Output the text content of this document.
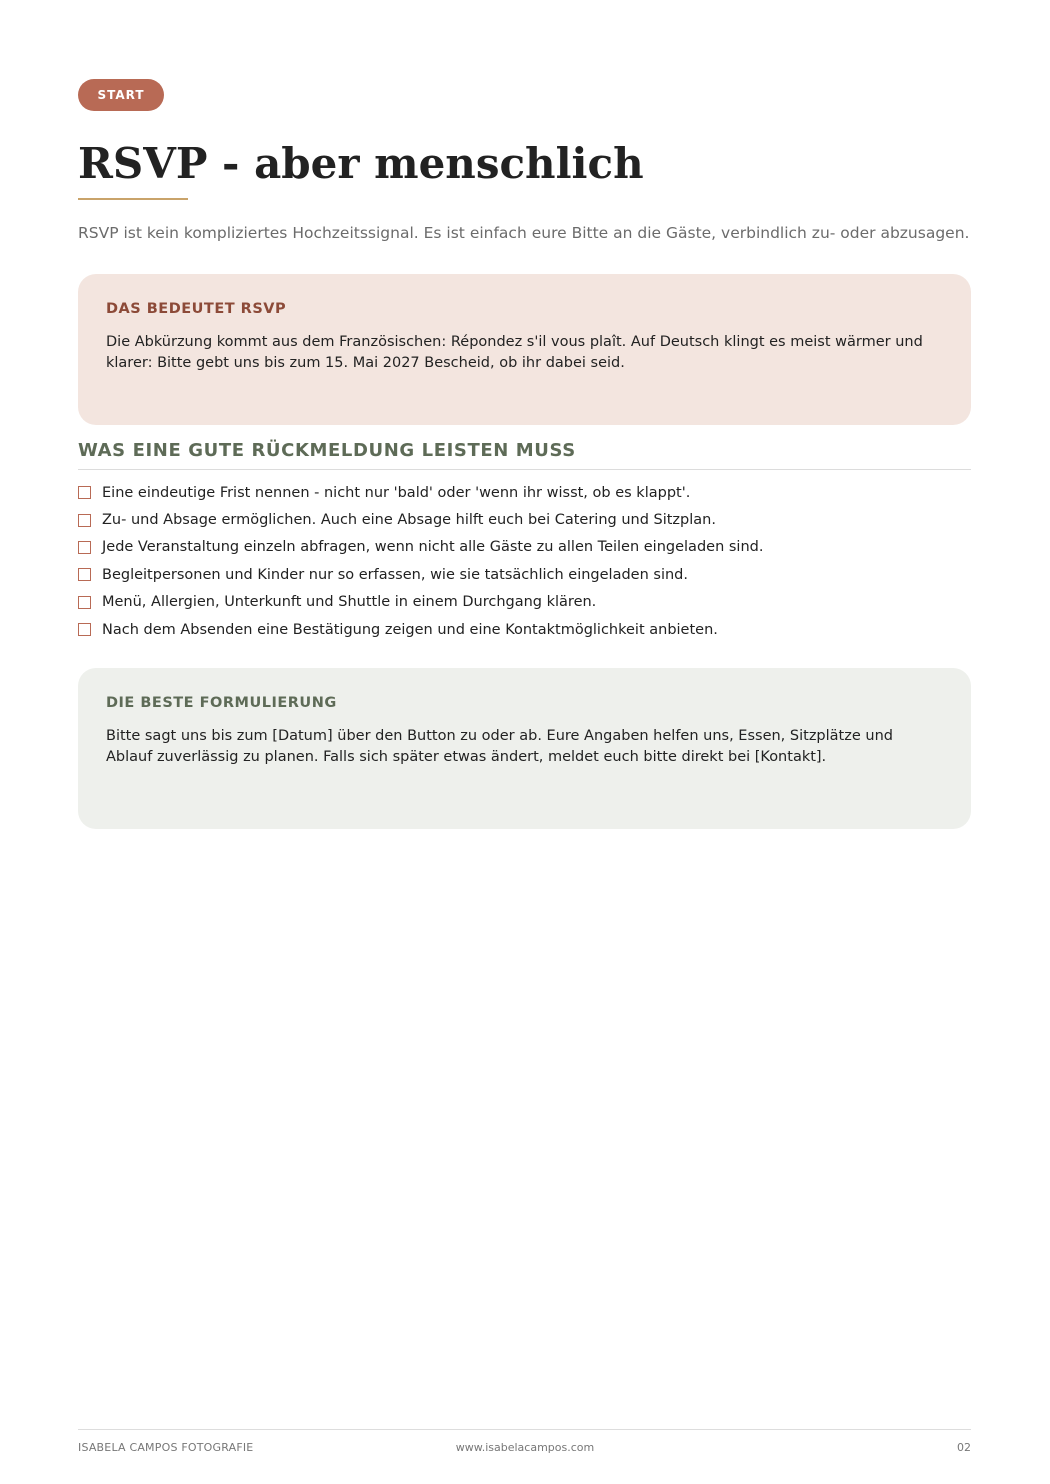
START
RSVP - aber menschlich

RSVP ist kein kompliziertes Hochzeitssignal. Es ist einfach eure Bitte an die Gäste, verbindlich zu- oder abzusagen.

DAS BEDEUTET RSVP

Die Abkürzung kommt aus dem Französischen: Répondez s'il vous plaît. Auf Deutsch klingt es meist wärmer und klarer: Bitte gebt uns bis zum 15. Mai 2027 Bescheid, ob ihr dabei seid.

WAS EINE GUTE RÜCKMELDUNG LEISTEN MUSS
Eine eindeutige Frist nennen - nicht nur 'bald' oder 'wenn ihr wisst, ob es klappt'.
Zu- und Absage ermöglichen. Auch eine Absage hilft euch bei Catering und Sitzplan.
Jede Veranstaltung einzeln abfragen, wenn nicht alle Gäste zu allen Teilen eingeladen sind.
Begleitpersonen und Kinder nur so erfassen, wie sie tatsächlich eingeladen sind.
Menü, Allergien, Unterkunft und Shuttle in einem Durchgang klären.
Nach dem Absenden eine Bestätigung zeigen und eine Kontaktmöglichkeit anbieten.
DIE BESTE FORMULIERUNG

Bitte sagt uns bis zum [Datum] über den Button zu oder ab. Eure Angaben helfen uns, Essen, Sitzplätze und Ablauf zuverlässig zu planen. Falls sich später etwas ändert, meldet euch bitte direkt bei [Kontakt].

ISABELA CAMPOS FOTOGRAFIE	www.isabelacampos.com	02
